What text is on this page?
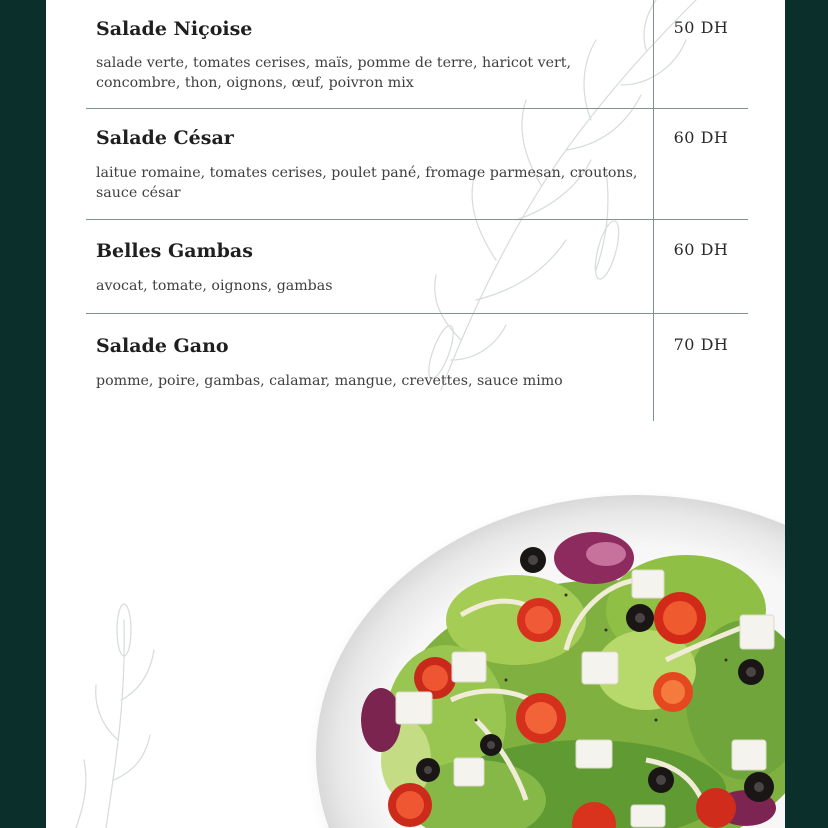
Salade Niçoise

salade verte, tomates cerises, maïs, pomme de terre, haricot vert, concombre, thon, oignons, œuf, poivron mix

50 DH

Salade César

laitue romaine, tomates cerises, poulet pané, fromage parmesan, croutons, sauce césar

60 DH

Belles Gambas

avocat, tomate, oignons, gambas

60 DH

Salade Gano

pomme, poire, gambas, calamar, mangue, crevettes, sauce mimo

70 DH
